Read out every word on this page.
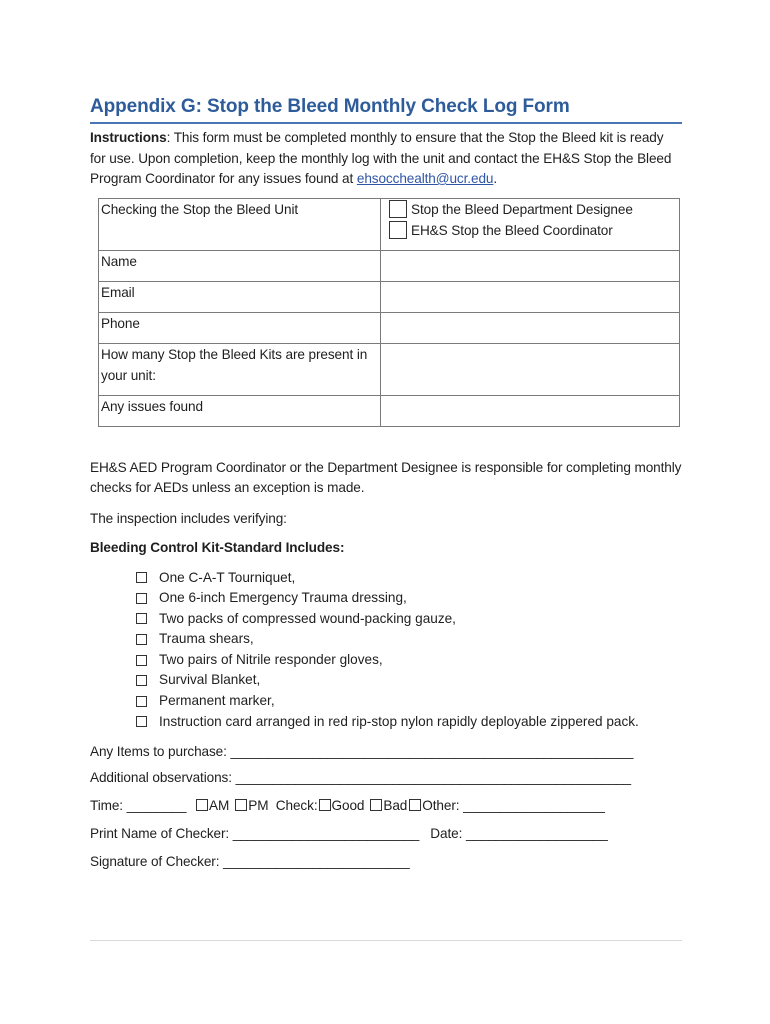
Appendix G: Stop the Bleed Monthly Check Log Form
Instructions: This form must be completed monthly to ensure that the Stop the Bleed kit is ready for use. Upon completion, keep the monthly log with the unit and contact the EH&S Stop the Bleed Program Coordinator for any issues found at ehsocchealth@ucr.edu.
Checking the Stop the Bleed Unit	Stop the Bleed Department Designee
EH&S Stop the Bleed Coordinator

Name	
Email	
Phone	
How many Stop the Bleed Kits are present in your unit:	
Any issues found	
EH&S AED Program Coordinator or the Department Designee is responsible for completing monthly checks for AEDs unless an exception is made.
The inspection includes verifying:
Bleeding Control Kit-Standard Includes:
One C-A-T Tourniquet,
One 6-inch Emergency Trauma dressing,
Two packs of compressed wound-packing gauze,
Trauma shears,
Two pairs of Nitrile responder gloves,
Survival Blanket,
Permanent marker,
Instruction card arranged in red rip-stop nylon rapidly deployable zippered pack.
Any Items to purchase: ______________________________________________________
Additional observations: _____________________________________________________
Time: ________ AM PM Check: Good Bad Other: ___________________
Print Name of Checker: _________________________ Date: ___________________
Signature of Checker: _________________________
